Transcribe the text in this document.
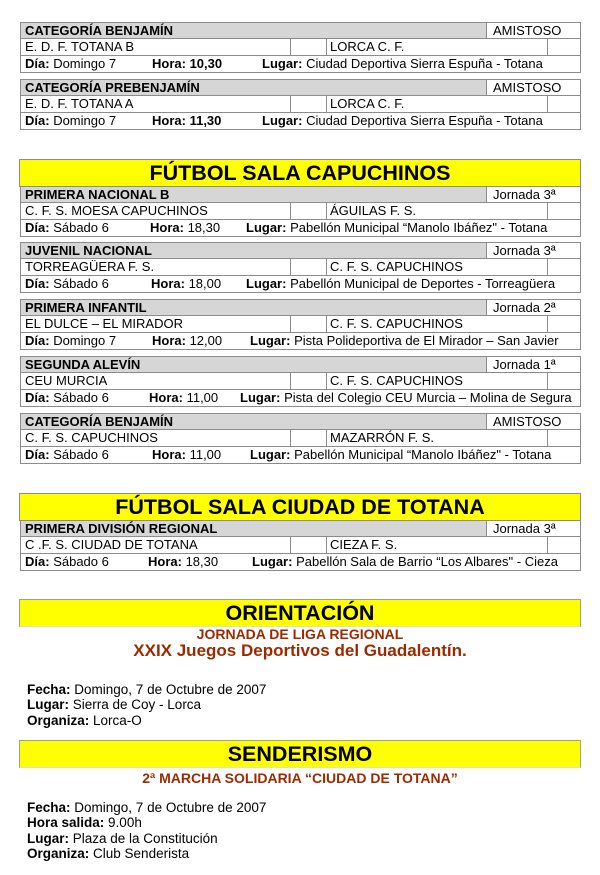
CATEGORÍA BENJAMÍN	AMISTOSO
E. D. F. TOTANA B	LORCA C. F.
Día: Domingo 7	Hora: 10,30	Lugar: Ciudad Deportiva Sierra Espuña - Totana
CATEGORÍA PREBENJAMÍN	AMISTOSO
E. D. F. TOTANA A	LORCA C. F.
Día: Domingo 7	Hora: 11,30	Lugar: Ciudad Deportiva Sierra Espuña - Totana
FÚTBOL SALA CAPUCHINOS
PRIMERA NACIONAL B	Jornada 3ª
C. F. S. MOESA CAPUCHINOS	ÁGUILAS F. S.
Día: Sábado 6	Hora: 18,30 Lugar: Pabellón Municipal “Manolo Ibáñez" - Totana
JUVENIL NACIONAL	Jornada 3ª
TORREAGÜERA F. S.	C. F. S. CAPUCHINOS
Día: Sábado 6	Hora: 18,00 Lugar: Pabellón Municipal de Deportes - Torreagüera
PRIMERA INFANTIL	Jornada 2ª
EL DULCE – EL MIRADOR	C. F. S. CAPUCHINOS
Día: Domingo 7	Hora: 12,00 Lugar: Pista Polideportiva de El Mirador – San Javier
SEGUNDA ALEVÍN	Jornada 1ª
CEU MURCIA	C. F. S. CAPUCHINOS
Día: Sábado 6	Hora: 11,00 Lugar: Pista del Colegio CEU Murcia – Molina de Segura
CATEGORÍA BENJAMÍN	AMISTOSO
C. F. S. CAPUCHINOS	MAZARRÓN F. S.
Día: Sábado 6	Hora: 11,00 Lugar: Pabellón Municipal “Manolo Ibáñez" - Totana
FÚTBOL SALA CIUDAD DE TOTANA
PRIMERA DIVISIÓN REGIONAL	Jornada 3ª
C .F. S. CIUDAD DE TOTANA	CIEZA F. S.
Día: Sábado 6	Hora: 18,30	Lugar: Pabellón Sala de Barrio “Los Albares" - Cieza
ORIENTACIÓN
JORNADA DE LIGA REGIONAL
XXIX Juegos Deportivos del Guadalentín.
Fecha: Domingo, 7 de Octubre de 2007
Lugar: Sierra de Coy - Lorca
Organiza: Lorca-O
SENDERISMO
2ª MARCHA SOLIDARIA “CIUDAD DE TOTANA”
Fecha: Domingo, 7 de Octubre de 2007
Hora salida: 9.00h
Lugar: Plaza de la Constitución
Organiza: Club Senderista
